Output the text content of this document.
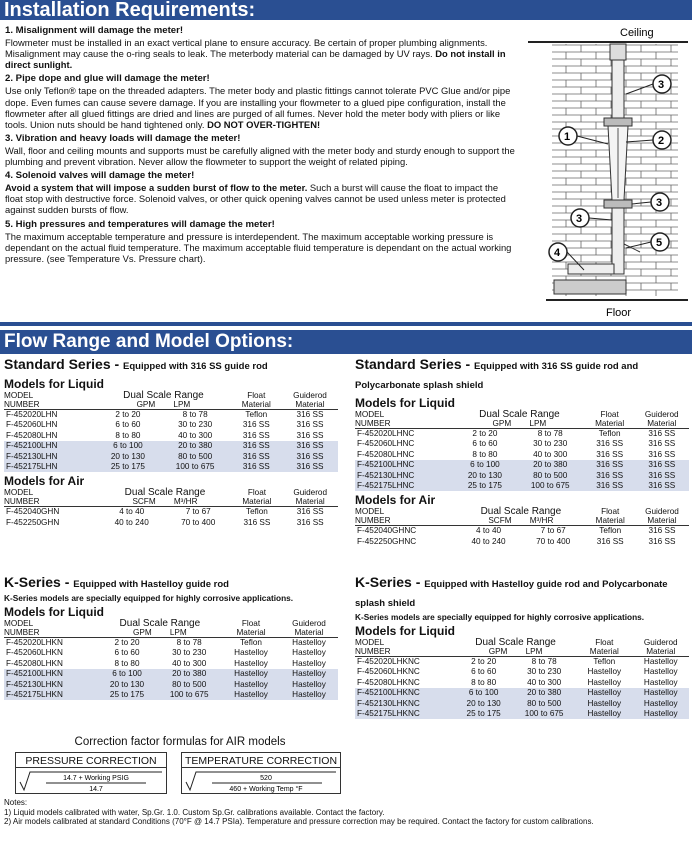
Installation Requirements:
1. Misalignment will damage the meter!

Flowmeter must be installed in an exact vertical plane to ensure accuracy. Be certain of proper plumbing alignments. Misalignment may cause the o-ring seals to leak. The meterbody material can be damaged by UV rays. Do not install in direct sunlight.

2. Pipe dope and glue will damage the meter!

Use only Teflon® tape on the threaded adapters. The meter body and plastic fittings cannot tolerate PVC Glue and/or pipe dope. Even fumes can cause severe damage. If you are installing your flowmeter to a glued pipe configuration, install the flowmeter after all glued fittings are dried and lines are purged of all fumes. Never hold the meter body with pliers or like tools. Union nuts should be hand tightened only. DO NOT OVER-TIGHTEN!

3. Vibration and heavy loads will damage the meter!

Wall, floor and ceiling mounts and supports must be carefully aligned with the meter body and sturdy enough to support the plumbing and prevent vibration. Never allow the flowmeter to support the weight of related piping.

4. Solenoid valves will damage the meter!

Avoid a system that will impose a sudden burst of flow to the meter. Such a burst will cause the float to impact the float stop with destructive force. Solenoid valves, or other quick opening valves cannot be used unless meter is protected against sudden bursts of flow.

5. High pressures and temperatures will damage the meter!

The maximum acceptable temperature and pressure is interdependent. The maximum acceptable working pressure is dependant on the actual fluid temperature. The maximum acceptable fluid temperature is dependant on the actual working pressure. (see Temperature Vs. Pressure chart).

Ceiling
Floor
4
1	2
3
3
3
5
Flow Range and Model Options:
Standard Series - Equipped with 316 SS guide rod
Models for Liquid
MODEL
NUMBER	Dual Scale Range
GPM LPM		Float
Material	Guiderod
Material
F-452020LHN	2 to 20	8 to 78	Teflon	316 SS
F-452060LHN	6 to 60	30 to 230	316 SS	316 SS
F-452080LHN	8 to 80	40 to 300	316 SS	316 SS
F-452100LHN	6 to 100	20 to 380	316 SS	316 SS
F-452130LHN	20 to 130	80 to 500	316 SS	316 SS
F-452175LHN	25 to 175	100 to 675	316 SS	316 SS
Models for Air
MODEL
NUMBER	Dual Scale Range
SCFM M³/HR		Float
Material	Guiderod
Material
F-452040GHN	4 to 40	7 to 67	Teflon	316 SS
F-452250GHN	40 to 240	70 to 400	316 SS	316 SS
Standard Series - Equipped with 316 SS guide rod and Polycarbonate splash shield
Models for Liquid
MODEL
NUMBER	Dual Scale Range
GPM LPM		Float
Material	Guiderod
Material
F-452020LHNC	2 to 20	8 to 78	Teflon	316 SS
F-452060LHNC	6 to 60	30 to 230	316 SS	316 SS
F-452080LHNC	8 to 80	40 to 300	316 SS	316 SS
F-452100LHNC	6 to 100	20 to 380	316 SS	316 SS
F-452130LHNC	20 to 130	80 to 500	316 SS	316 SS
F-452175LHNC	25 to 175	100 to 675	316 SS	316 SS
Models for Air
MODEL
NUMBER	Dual Scale Range
SCFM M³/HR		Float
Material	Guiderod
Material
F-452040GHNC	4 to 40	7 to 67	Teflon	316 SS
F-452250GHNC	40 to 240	70 to 400	316 SS	316 SS
K-Series - Equipped with Hastelloy guide rod
K-Series models are specially equipped for highly corrosive applications.
Models for Liquid
MODEL
NUMBER	Dual Scale Range
GPM LPM		Float
Material	Guiderod
Material
F-452020LHKN	2 to 20	8 to 78	Teflon	Hastelloy
F-452060LHKN	6 to 60	30 to 230	Hastelloy	Hastelloy
F-452080LHKN	8 to 80	40 to 300	Hastelloy	Hastelloy
F-452100LHKN	6 to 100	20 to 380	Hastelloy	Hastelloy
F-452130LHKN	20 to 130	80 to 500	Hastelloy	Hastelloy
F-452175LHKN	25 to 175	100 to 675	Hastelloy	Hastelloy
K-Series - Equipped with Hastelloy guide rod and Polycarbonate splash shield
K-Series models are specially equipped for highly corrosive applications.
Models for Liquid
MODEL
NUMBER	Dual Scale Range
GPM LPM		Float
Material	Guiderod
Material
F-452020LHKNC	2 to 20	8 to 78	Teflon	Hastelloy
F-452060LHKNC	6 to 60	30 to 230	Hastelloy	Hastelloy
F-452080LHKNC	8 to 80	40 to 300	Hastelloy	Hastelloy
F-452100LHKNC	6 to 100	20 to 380	Hastelloy	Hastelloy
F-452130LHKNC	20 to 130	80 to 500	Hastelloy	Hastelloy
F-452175LHKNC	25 to 175	100 to 675	Hastelloy	Hastelloy
Correction factor formulas for AIR models
PRESSURE CORRECTION
14.7 + Working PSIG
14.7
TEMPERATURE CORRECTION
520
460 + Working Temp °F
Notes:
1) Liquid models calibrated with water, Sp.Gr. 1.0. Custom Sp.Gr. calibrations available. Contact the factory.
2) Air models calibrated at standard Conditions (70°F @ 14.7 PSIa). Temperature and pressure correction may be required. Contact the factory for custom calibrations.
